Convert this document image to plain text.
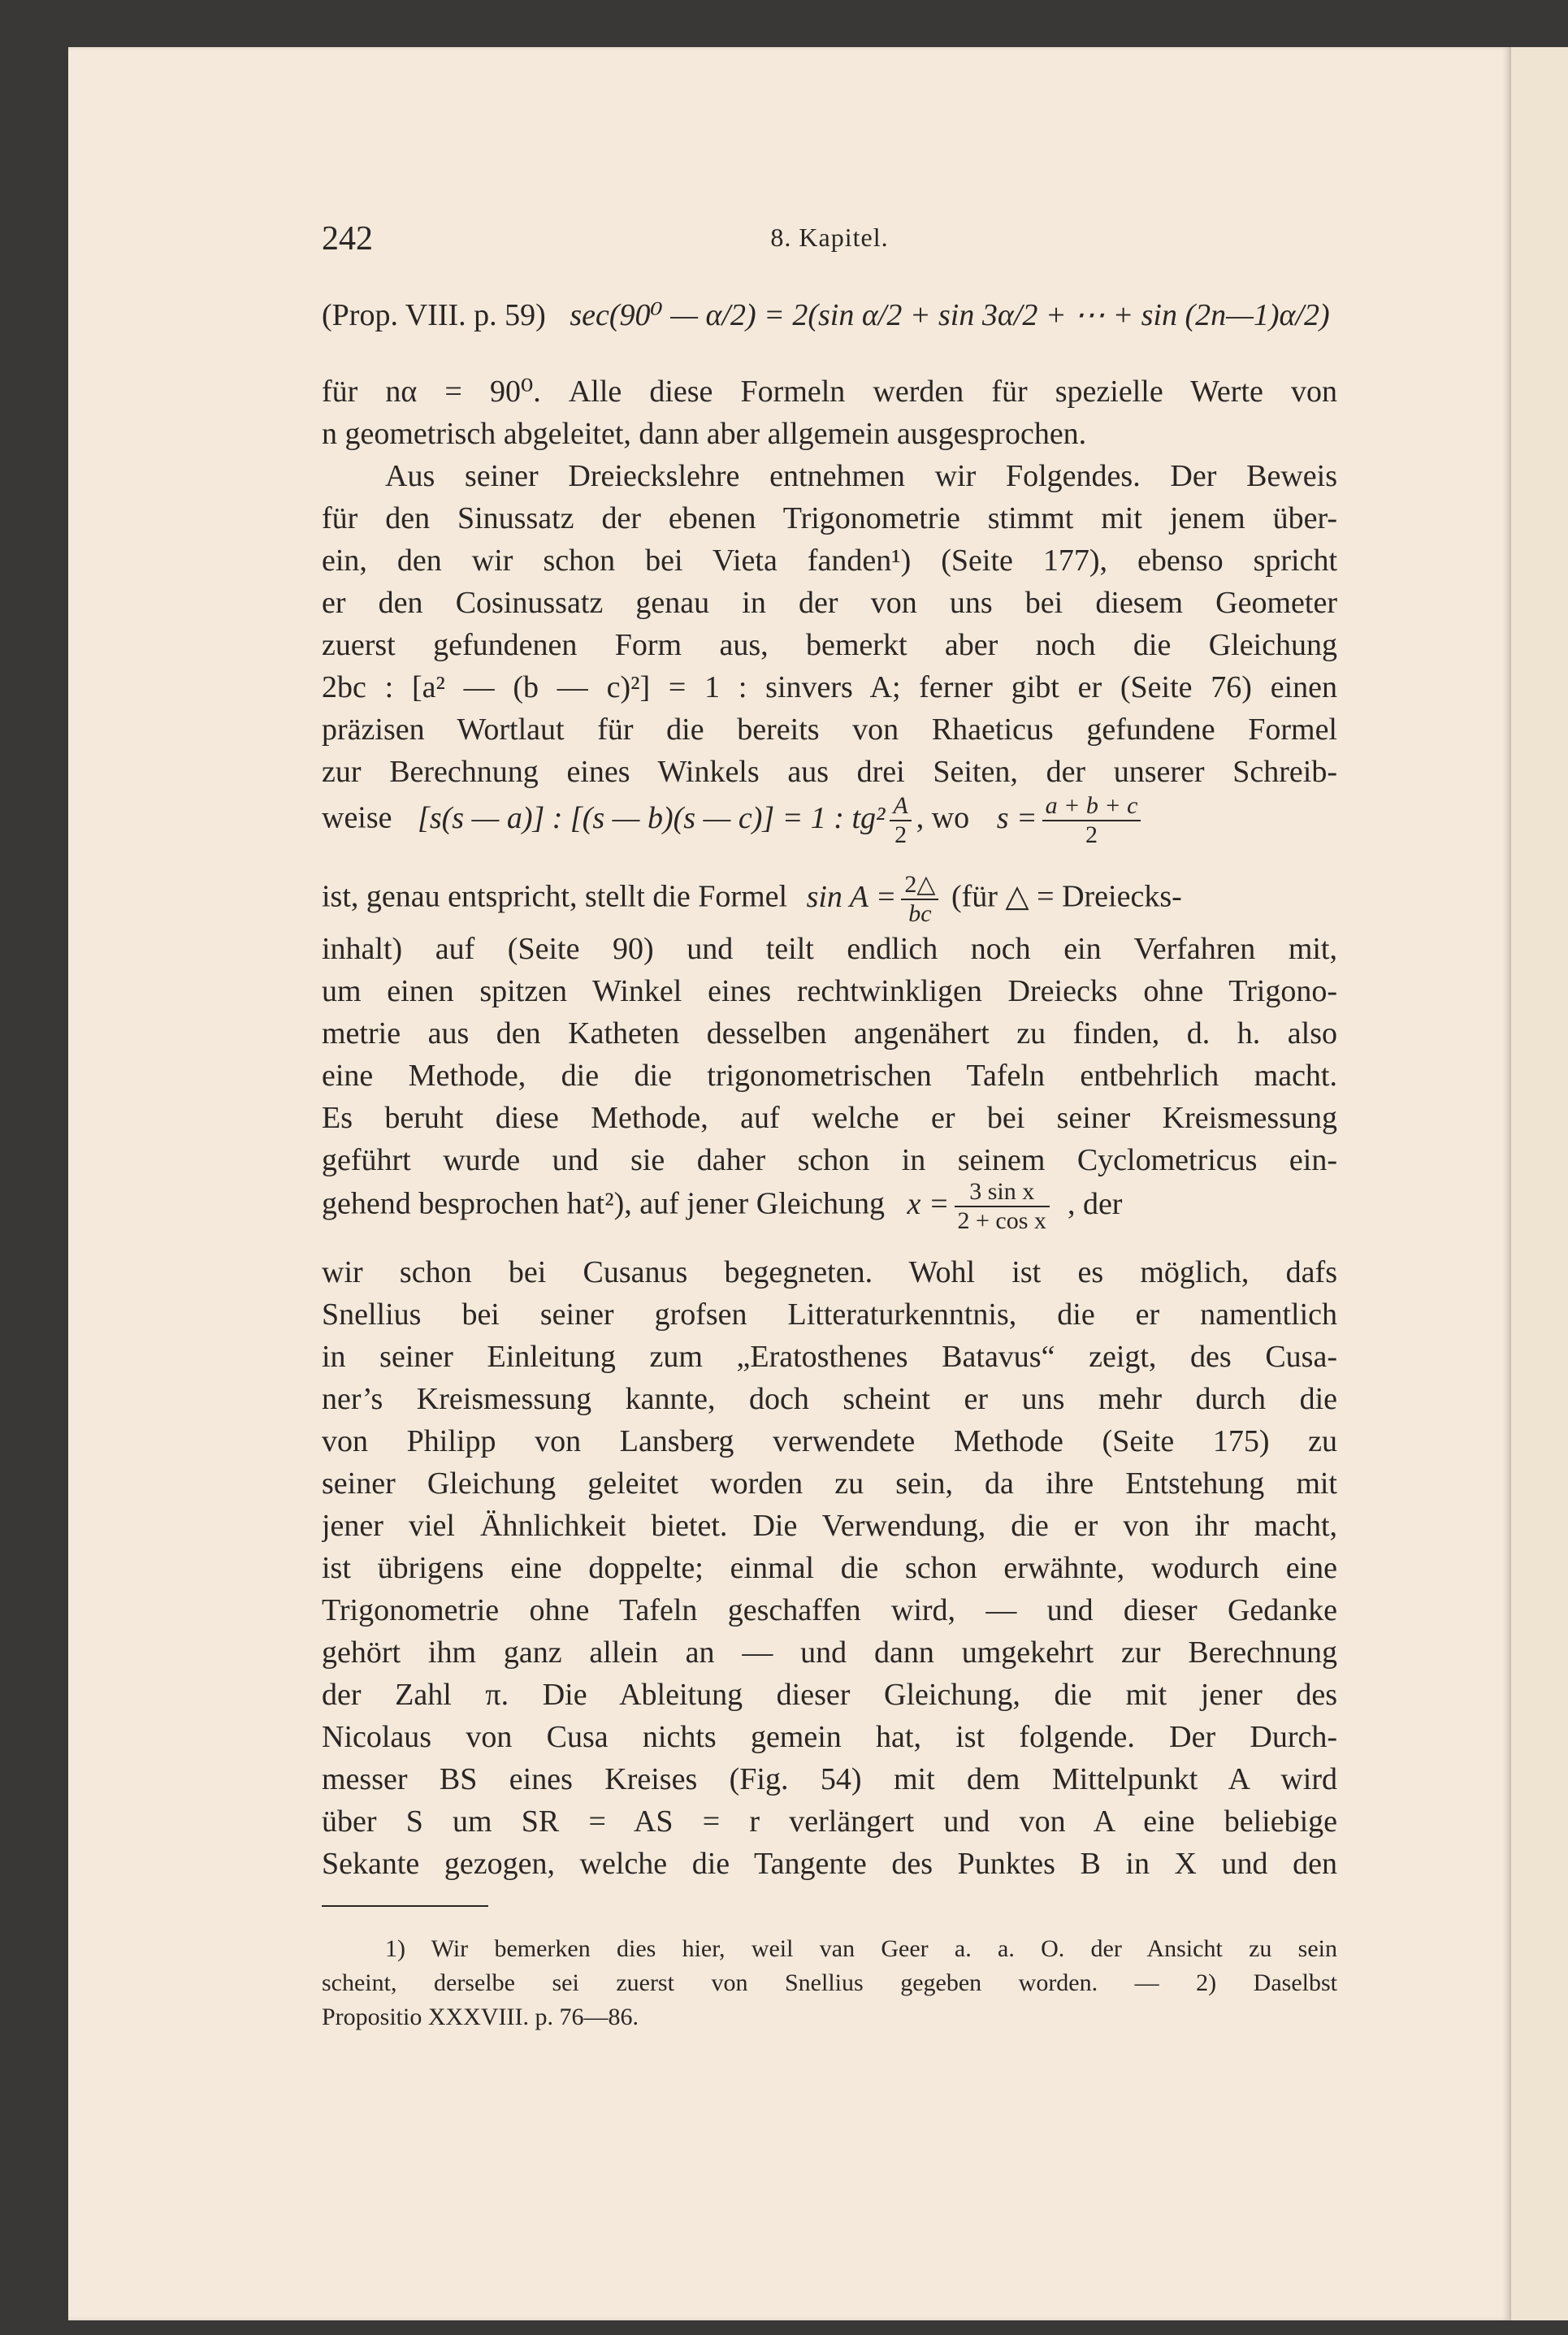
242	8. Kapitel.
(Prop. VIII. p. 59) sec(90⁰ — α/2) = 2(sin α/2 + sin 3α/2 + ⋯ + sin (2n—1)α/2)
für nα = 90⁰. Alle diese Formeln werden für spezielle Werte von
n geometrisch abgeleitet, dann aber allgemein ausgesprochen.
Aus seiner Dreieckslehre entnehmen wir Folgendes. Der Beweis
für den Sinussatz der ebenen Trigonometrie stimmt mit jenem über-
ein, den wir schon bei Vieta fanden¹) (Seite 177), ebenso spricht
er den Cosinussatz genau in der von uns bei diesem Geometer
zuerst gefundenen Form aus, bemerkt aber noch die Gleichung
2bc : [a² — (b — c)²] = 1 : sinvers A; ferner gibt er (Seite 76) einen
präzisen Wortlaut für die bereits von Rhaeticus gefundene Formel
zur Berechnung eines Winkels aus drei Seiten, der unserer Schreib-
weise [s(s — a)] : [(s — b)(s — c)] = 1 : $tg^2 \frac{A}{2}$ , wo $s = \frac{a + b + c}{2}$
ist, genau entspricht, stellt die Formel $\sin A = \frac{2\triangle}{bc}$ (für △ = Dreiecks-
inhalt) auf (Seite 90) und teilt endlich noch ein Verfahren mit,
um einen spitzen Winkel eines rechtwinkligen Dreiecks ohne Trigono-
metrie aus den Katheten desselben angenähert zu finden, d. h. also
eine Methode, die die trigonometrischen Tafeln entbehrlich macht.
Es beruht diese Methode, auf welche er bei seiner Kreismessung
geführt wurde und sie daher schon in seinem Cyclometricus ein-
gehend besprochen hat²), auf jener Gleichung $x = \frac{\text{3 sin x}}{\text{2 + cos x}}$ , der
wir schon bei Cusanus begegneten. Wohl ist es möglich, dafs
Snellius bei seiner grofsen Litteraturkenntnis, die er namentlich
in seiner Einleitung zum „Eratosthenes Batavus“ zeigt, des Cusa-
ner’s Kreismessung kannte, doch scheint er uns mehr durch die
von Philipp von Lansberg verwendete Methode (Seite 175) zu
seiner Gleichung geleitet worden zu sein, da ihre Entstehung mit
jener viel Ähnlichkeit bietet. Die Verwendung, die er von ihr macht,
ist übrigens eine doppelte; einmal die schon erwähnte, wodurch eine
Trigonometrie ohne Tafeln geschaffen wird, — und dieser Gedanke
gehört ihm ganz allein an — und dann umgekehrt zur Berechnung
der Zahl π. Die Ableitung dieser Gleichung, die mit jener des
Nicolaus von Cusa nichts gemein hat, ist folgende. Der Durch-
messer BS eines Kreises (Fig. 54) mit dem Mittelpunkt A wird
über S um SR = AS = r verlängert und von A eine beliebige
Sekante gezogen, welche die Tangente des Punktes B in X und den
1) Wir bemerken dies hier, weil van Geer a. a. O. der Ansicht zu sein
scheint, derselbe sei zuerst von Snellius gegeben worden. — 2) Daselbst
Propositio XXXVIII. p. 76—86.
